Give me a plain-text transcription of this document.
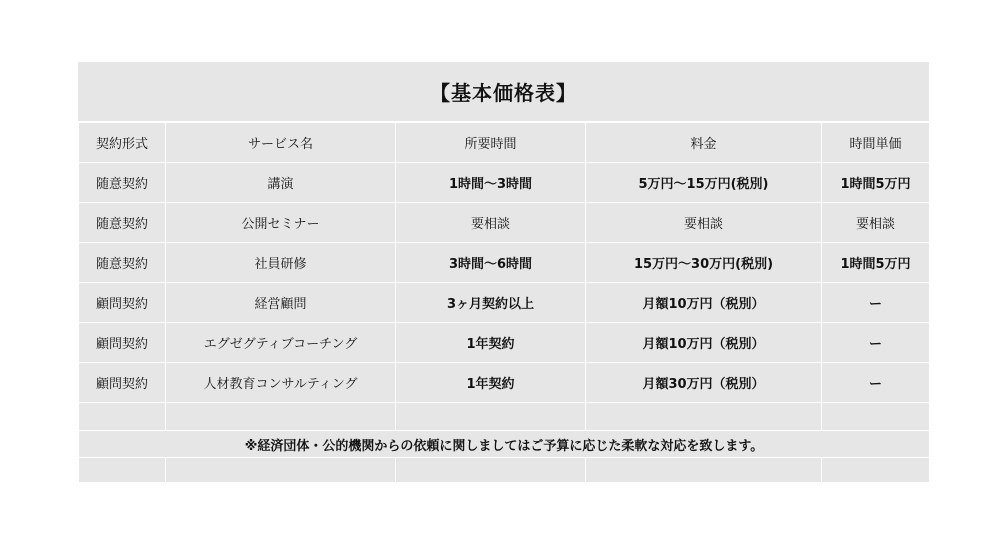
【基本価格表】
契約形式	サービス名	所要時間	料金	時間単価
随意契約	講演	1時間～3時間	5万円～15万円(税別)	1時間5万円
随意契約	公開セミナー	要相談	要相談	要相談
随意契約	社員研修	3時間～6時間	15万円～30万円(税別)	1時間5万円
顧問契約	経営顧問	3ヶ月契約以上	月額10万円（税別）	ー
顧問契約	エグゼグティブコーチング	1年契約	月額10万円（税別）	ー
顧問契約	人材教育コンサルティング	1年契約	月額30万円（税別）	ー

※経済団体・公的機関からの依頼に関しましてはご予算に応じた柔軟な対応を致します。				
